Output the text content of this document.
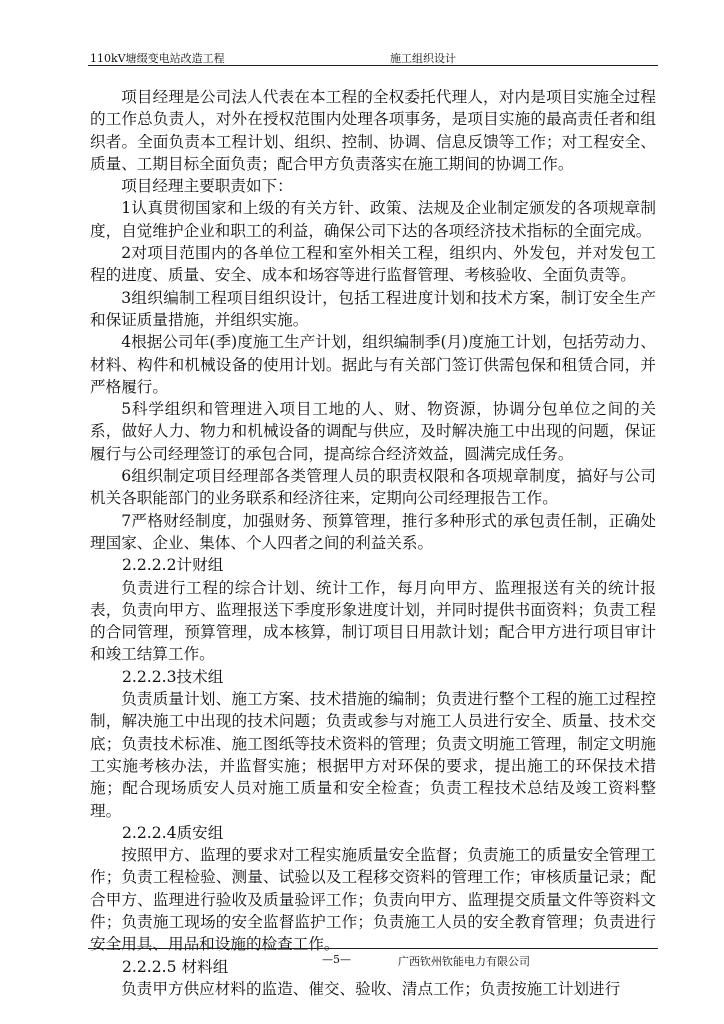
110kV塘缀变电站改造工程	施工组织设计

项目经理是公司法人代表在本工程的全权委托代理人，对内是项目实施全过程的工作总负责人，对外在授权范围内处理各项事务，是项目实施的最高责任者和组织者。全面负责本工程计划、组织、控制、协调、信息反馈等工作；对工程安全、质量、工期目标全面负责；配合甲方负责落实在施工期间的协调工作。

项目经理主要职责如下：

1认真贯彻国家和上级的有关方针、政策、法规及企业制定颁发的各项规章制度，自觉维护企业和职工的利益，确保公司下达的各项经济技术指标的全面完成。

2对项目范围内的各单位工程和室外相关工程，组织内、外发包，并对发包工程的进度、质量、安全、成本和场容等进行监督管理、考核验收、全面负责等。

3组织编制工程项目组织设计，包括工程进度计划和技术方案，制订安全生产和保证质量措施，并组织实施。

4根据公司年(季)度施工生产计划，组织编制季(月)度施工计划，包括劳动力、材料、构件和机械设备的使用计划。据此与有关部门签订供需包保和租赁合同，并严格履行。

5科学组织和管理进入项目工地的人、财、物资源，协调分包单位之间的关系，做好人力、物力和机械设备的调配与供应，及时解决施工中出现的问题，保证履行与公司经理签订的承包合同，提高综合经济效益，圆满完成任务。

6组织制定项目经理部各类管理人员的职责权限和各项规章制度，搞好与公司机关各职能部门的业务联系和经济往来，定期向公司经理报告工作。

7严格财经制度，加强财务、预算管理，推行多种形式的承包责任制，正确处理国家、企业、集体、个人四者之间的利益关系。

2.2.2.2计财组

负责进行工程的综合计划、统计工作，每月向甲方、监理报送有关的统计报表，负责向甲方、监理报送下季度形象进度计划，并同时提供书面资料；负责工程的合同管理，预算管理，成本核算，制订项目日用款计划；配合甲方进行项目审计和竣工结算工作。

2.2.2.3技术组

负责质量计划、施工方案、技术措施的编制；负责进行整个工程的施工过程控制，解决施工中出现的技术问题；负责或参与对施工人员进行安全、质量、技术交底；负责技术标准、施工图纸等技术资料的管理；负责文明施工管理，制定文明施工实施考核办法，并监督实施；根据甲方对环保的要求，提出施工的环保技术措施；配合现场质安人员对施工质量和安全检查；负责工程技术总结及竣工资料整理。

2.2.2.4质安组

按照甲方、监理的要求对工程实施质量安全监督；负责施工的质量安全管理工作；负责工程检验、测量、试验以及工程移交资料的管理工作；审核质量记录；配合甲方、监理进行验收及质量验评工作；负责向甲方、监理提交质量文件等资料文件；负责施工现场的安全监督监护工作；负责施工人员的安全教育管理；负责进行安全用具、用品和设施的检查工作。

2.2.2.5 材料组

负责甲方供应材料的监造、催交、验收、清点工作；负责按施工计划进行

—5—	广西钦州钦能电力有限公司
